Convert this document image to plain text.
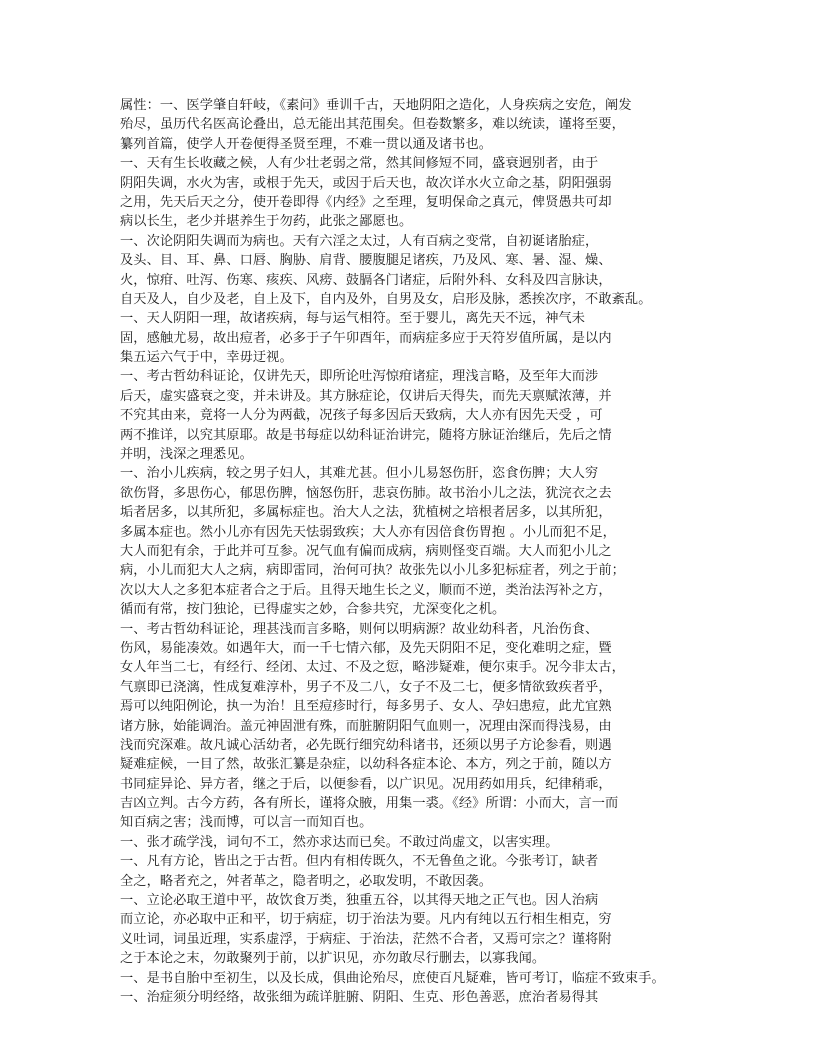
属性：一、医学肇自轩岐，《素问》垂训千古，天地阴阳之造化，人身疾病之安危，阐发
殆尽，虽历代名医高论叠出，总无能出其范围矣。但卷数繁多，难以统读，谨将至要，
纂列首篇，使学人开卷便得圣贤至理，不难一贯以通及诸书也。
一、天有生长收藏之候，人有少壮老弱之常，然其间修短不同，盛衰迥别者，由于
阴阳失调，水火为害，或根于先天，或因于后天也，故次详水火立命之基，阴阳强弱
之用，先天后天之分，使开卷即得《内经》之至理，复明保命之真元，俾贤愚共可却
病以长生，老少并堪养生于勿药，此张之鄙愿也。
一、次论阴阳失调而为病也。天有六淫之太过，人有百病之变常，自初诞诸胎症，
及头、目、耳、鼻、口唇、胸胁、肩背、腰腹腿足诸疾，乃及风、寒、暑、湿、燥、
火，惊疳、吐泻、伤寒、痎疾、风痨、鼓膈各门诸症，后附外科、女科及四言脉诀，
自天及人，自少及老，自上及下，自内及外，自男及女，启形及脉，悉挨次序，不敢紊乱。
一、天人阴阳一理，故诸疾病，每与运气相符。至于婴儿，离先天不远，神气未
固，感触尤易，故出痘者，必多于子午卯酉年，而病症多应于天符岁值所属，是以内
集五运六气于中，幸毋迂视。
一、考古哲幼科证论，仅讲先天，即所论吐泻惊疳诸症，理浅言略，及至年大而涉
后天，虚实盛衰之变，并未讲及。其方脉症论，仅讲后天得失，而先天禀赋浓薄，并
不究其由来，竟将一人分为两截，况孩子每多因后天致病，大人亦有因先天受 ，可
两不推详，以究其原耶。故是书每症以幼科证治讲完，随将方脉证治继后，先后之情
并明，浅深之理悉见。
一、治小儿疾病，较之男子妇人，其难尤甚。但小儿易怒伤肝，恣食伤脾；大人穷
欲伤肾，多思伤心，郁思伤脾，恼怒伤肝，悲哀伤肺。故书治小儿之法，犹浣衣之去
垢者居多，以其所犯，多属标症也。治大人之法，犹植树之培根者居多，以其所犯，
多属本症也。然小儿亦有因先天怯弱致疾；大人亦有因倍食伤胃抱 。小儿而犯不足，
大人而犯有余，于此并可互参。况气血有偏而成病，病则怪变百端。大人而犯小儿之
病，小儿而犯大人之病，病即雷同，治何可执？故张先以小儿多犯标症者，列之于前；
次以大人之多犯本症者合之于后。且得天地生长之义，顺而不逆，类治法泻补之方，
循而有常，按门独论，已得虚实之妙，合参共究，尤深变化之机。
一、考古哲幼科证论，理甚浅而言多略，则何以明病源？故业幼科者，凡治伤食、
伤风，易能凑效。如遇年大，而一千七情六郁，及先天阴阳不足，变化难明之症，暨
女人年当二七，有经行、经闭、太过、不及之愆，略涉疑难，便尔束手。况今非太古，
气禀即已浇漓，性成复难淳朴，男子不及二八，女子不及二七，便多情欲致疾者乎，
焉可以纯阳例论，执一为治！且至痘疹时行，每多男子、女人、孕妇患痘，此尤宜熟
诸方脉，始能调治。盖元神固泄有殊，而脏腑阴阳气血则一，况理由深而得浅易，由
浅而究深难。故凡诚心活幼者，必先既行细究幼科诸书，还须以男子方论参看，则遇
疑难症候，一目了然，故张汇纂是杂症，以幼科各症本论、本方，列之于前，随以方
书同症异论、异方者，继之于后，以便参看，以广识见。况用药如用兵，纪律稍乖，
吉凶立判。古今方药，各有所长，谨将众腋，用集一裘。《经》所谓：小而大，言一而
知百病之害；浅而博，可以言一而知百也。
一、张才疏学浅，词句不工，然亦求达而已矣。不敢过尚虚文，以害实理。
一、凡有方论，皆出之于古哲。但内有相传既久，不无鲁鱼之讹。今张考订，缺者
全之，略者充之，舛者革之，隐者明之，必取发明，不敢因袭。
一、立论必取王道中平，故饮食万类，独重五谷，以其得天地之正气也。因人治病
而立论，亦必取中正和平，切于病症，切于治法为要。凡内有纯以五行相生相克，穷
义吐词，词虽近理，实系虚浮，于病症、于治法，茫然不合者，又焉可宗之？谨将附
之于本论之末，勿敢聚列于前，以扩识见，亦勿敢尽行删去，以寡我闻。
一、是书自胎中至初生，以及长成，俱曲论殆尽，庶使百凡疑难，皆可考订，临症不致束手。
一、治症须分明经络，故张细为疏详脏腑、阴阳、生克、形色善恶，庶治者易得其
